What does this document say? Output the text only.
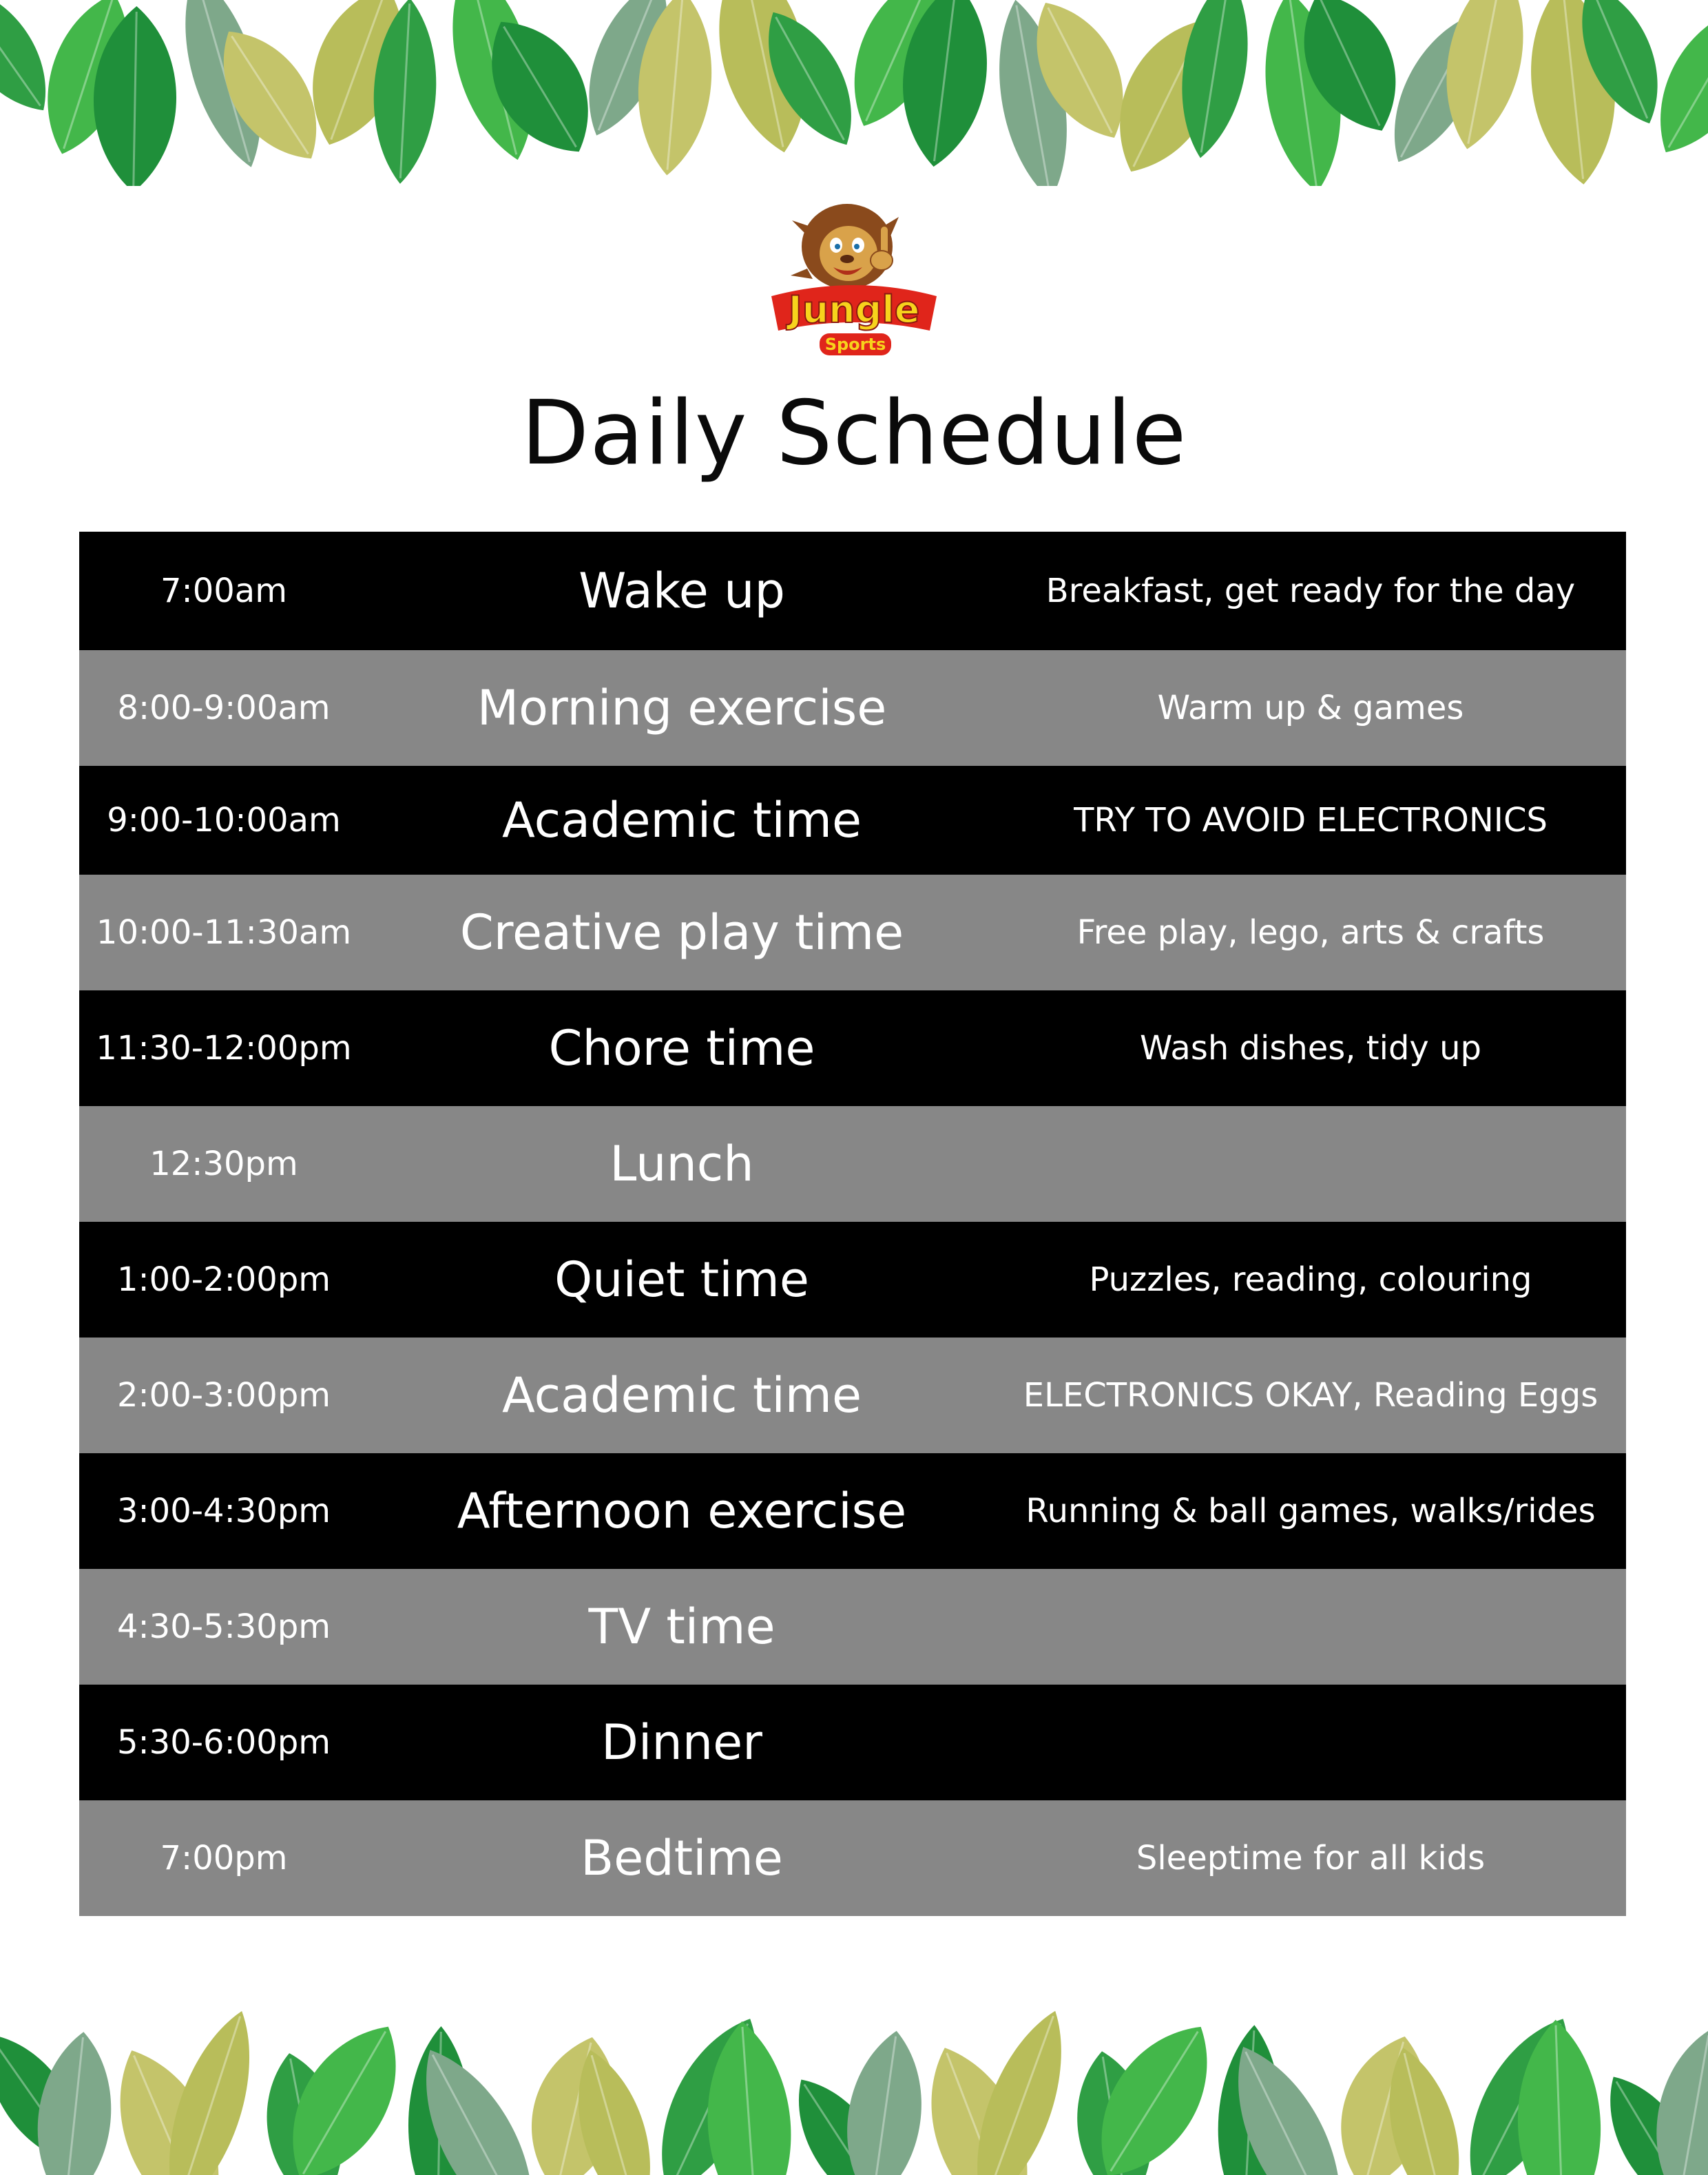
Jungle
Sports
Daily Schedule
7:00am	Wake up	Breakfast, get ready for the day
8:00-9:00am	Morning exercise	Warm up & games
9:00-10:00am	Academic time	TRY TO AVOID ELECTRONICS
10:00-11:30am	Creative play time	Free play, lego, arts & crafts
11:30-12:00pm	Chore time	Wash dishes, tidy up
12:30pm	Lunch
1:00-2:00pm	Quiet time	Puzzles, reading, colouring
2:00-3:00pm	Academic time	ELECTRONICS OKAY, Reading Eggs
3:00-4:30pm	Afternoon exercise	Running & ball games, walks/rides
4:30-5:30pm	TV time
5:30-6:00pm	Dinner
7:00pm	Bedtime	Sleeptime for all kids
